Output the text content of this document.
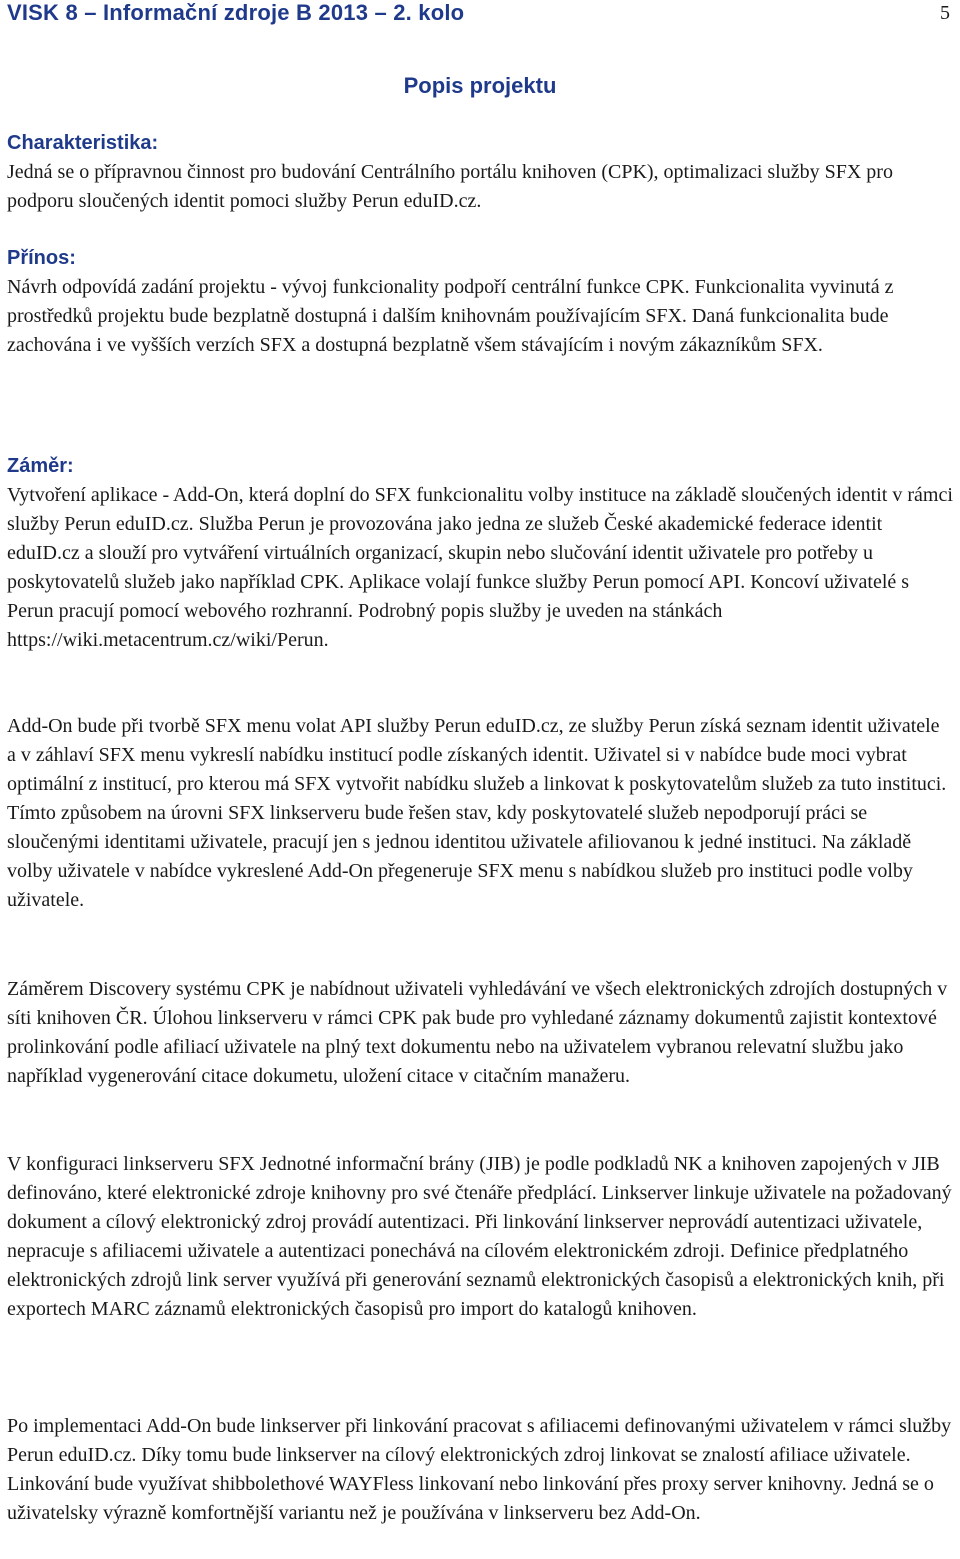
VISK 8 – Informační zdroje B 2013 – 2. kolo	5
Popis projektu
Charakteristika:

Jedná se o přípravnou činnost pro budování Centrálního portálu knihoven (CPK), optimalizaci služby SFX pro podporu sloučených identit pomoci služby Perun eduID.cz.

Přínos:

Návrh odpovídá zadání projektu - vývoj funkcionality podpoří centrální funkce CPK. Funkcionalita vyvinutá z prostředků projektu bude bezplatně dostupná i dalším knihovnám používajícím SFX. Daná funkcionalita bude zachována i ve vyšších verzích SFX a dostupná bezplatně všem stávajícím i novým zákazníkům SFX.

Záměr:

Vytvoření aplikace - Add-On, která doplní do SFX funkcionalitu volby instituce na základě sloučených identit v rámci služby Perun eduID.cz. Služba Perun je provozována jako jedna ze služeb České akademické federace identit eduID.cz a slouží pro vytváření virtuálních organizací, skupin nebo slučování identit uživatele pro potřeby u poskytovatelů služeb jako například CPK. Aplikace volají funkce služby Perun pomocí API. Koncoví uživatelé s Perun pracují pomocí webového rozhranní. Podrobný popis služby je uveden na stánkách https://wiki.metacentrum.cz/wiki/Perun.

Add-On bude při tvorbě SFX menu volat API služby Perun eduID.cz, ze služby Perun získá seznam identit uživatele a v záhlaví SFX menu vykreslí nabídku institucí podle získaných identit. Uživatel si v nabídce bude moci vybrat optimální z institucí, pro kterou má SFX vytvořit nabídku služeb a linkovat k poskytovatelům služeb za tuto instituci. Tímto způsobem na úrovni SFX linkserveru bude řešen stav, kdy poskytovatelé služeb nepodporují práci se sloučenými identitami uživatele, pracují jen s jednou identitou uživatele afiliovanou k jedné instituci. Na základě volby uživatele v nabídce vykreslené Add-On přegeneruje SFX menu s nabídkou služeb pro instituci podle volby uživatele.

Záměrem Discovery systému CPK je nabídnout uživateli vyhledávání ve všech elektronických zdrojích dostupných v síti knihoven ČR. Úlohou linkserveru v rámci CPK pak bude pro vyhledané záznamy dokumentů zajistit kontextové prolinkování podle afiliací uživatele na plný text dokumentu nebo na uživatelem vybranou relevatní službu jako například vygenerování citace dokumetu, uložení citace v citačním manažeru.

V konfiguraci linkserveru SFX Jednotné informační brány (JIB) je podle podkladů NK a knihoven zapojených v JIB definováno, které elektronické zdroje knihovny pro své čtenáře předplácí. Linkserver linkuje uživatele na požadovaný dokument a cílový elektronický zdroj provádí autentizaci. Při linkování linkserver neprovádí autentizaci uživatele, nepracuje s afiliacemi uživatele a autentizaci ponechává na cílovém elektronickém zdroji. Definice předplatného elektronických zdrojů link server využívá při generování seznamů elektronických časopisů a elektronických knih, při exportech MARC záznamů elektronických časopisů pro import do katalogů knihoven.

Po implementaci Add-On bude linkserver při linkování pracovat s afiliacemi definovanými uživatelem v rámci služby Perun eduID.cz. Díky tomu bude linkserver na cílový elektronických zdroj linkovat se znalostí afiliace uživatele. Linkování bude využívat shibbolethové WAYFless linkovaní nebo linkování přes proxy server knihovny. Jedná se o uživatelsky výrazně komfortnější variantu než je používána v linkserveru bez Add-On.
